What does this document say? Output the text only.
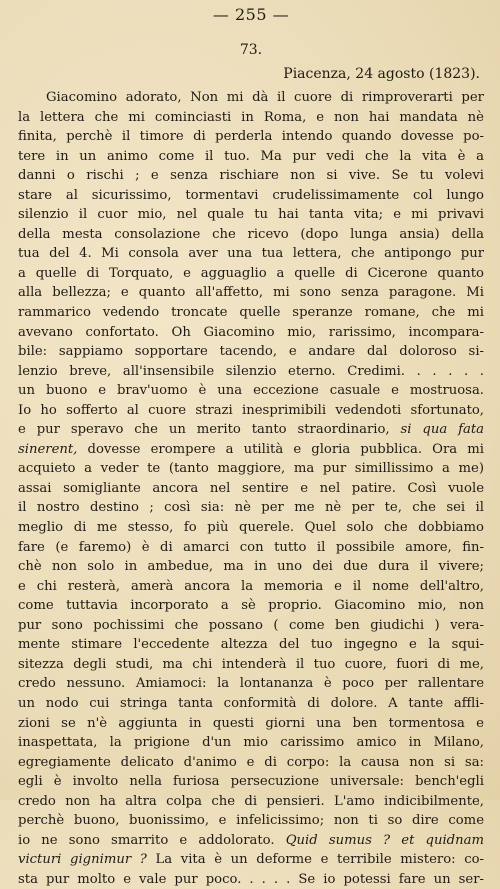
— 255 —
73.
Piacenza, 24 agosto (1823).
Giacomino adorato, Non mi dà il cuore di rimproverarti per
la lettera che mi cominciasti in Roma, e non hai mandata nè
finita, perchè il timore di perderla intendo quando dovesse po-
tere in un animo come il tuo. Ma pur vedi che la vita è a
danni o rischi ; e senza rischiare non si vive. Se tu volevi
stare al sicurissimo, tormentavi crudelissimamente col lungo
silenzio il cuor mio, nel quale tu hai tanta vita; e mi privavi
della mesta consolazione che ricevo (dopo lunga ansia) della
tua del 4. Mi consola aver una tua lettera, che antipongo pur
a quelle di Torquato, e agguaglio a quelle di Cicerone quanto
alla bellezza; e quanto all'affetto, mi sono senza paragone. Mi
rammarico vedendo troncate quelle speranze romane, che mi
avevano confortato. Oh Giacomino mio, rarissimo, incompara-
bile: sappiamo sopportare tacendo, e andare dal doloroso si-
lenzio breve, all'insensibile silenzio eterno. Credimi. . . . . .
un buono e brav'uomo è una eccezione casuale e mostruosa.
Io ho sofferto al cuore strazi inesprimibili vedendoti sfortunato,
e pur speravo che un merito tanto straordinario, si qua fata
sinerent, dovesse erompere a utilità e gloria pubblica. Ora mi
acquieto a veder te (tanto maggiore, ma pur simillissimo a me)
assai somigliante ancora nel sentire e nel patire. Così vuole
il nostro destino ; così sia: nè per me nè per te, che sei il
meglio di me stesso, fo più querele. Quel solo che dobbiamo
fare (e faremo) è di amarci con tutto il possibile amore, fin-
chè non solo in ambedue, ma in uno dei due dura il vivere;
e chi resterà, amerà ancora la memoria e il nome dell'altro,
come tuttavia incorporato a sè proprio. Giacomino mio, non
pur sono pochissimi che possano ( come ben giudichi ) vera-
mente stimare l'eccedente altezza del tuo ingegno e la squi-
sitezza degli studi, ma chi intenderà il tuo cuore, fuori di me,
credo nessuno. Amiamoci: la lontananza è poco per rallentare
un nodo cui stringa tanta conformità di dolore. A tante affli-
zioni se n'è aggiunta in questi giorni una ben tormentosa e
inaspettata, la prigione d'un mio carissimo amico in Milano,
egregiamente delicato d'animo e di corpo: la causa non si sa:
egli è involto nella furiosa persecuzione universale: bench'egli
credo non ha altra colpa che di pensieri. L'amo indicibilmente,
perchè buono, buonissimo, e infelicissimo; non ti so dire come
io ne sono smarrito e addolorato. Quid sumus ? et quidnam
victuri gignimur ? La vita è un deforme e terribile mistero: co-
sta pur molto e vale pur poco. . . . . Se io potessi fare un ser-
